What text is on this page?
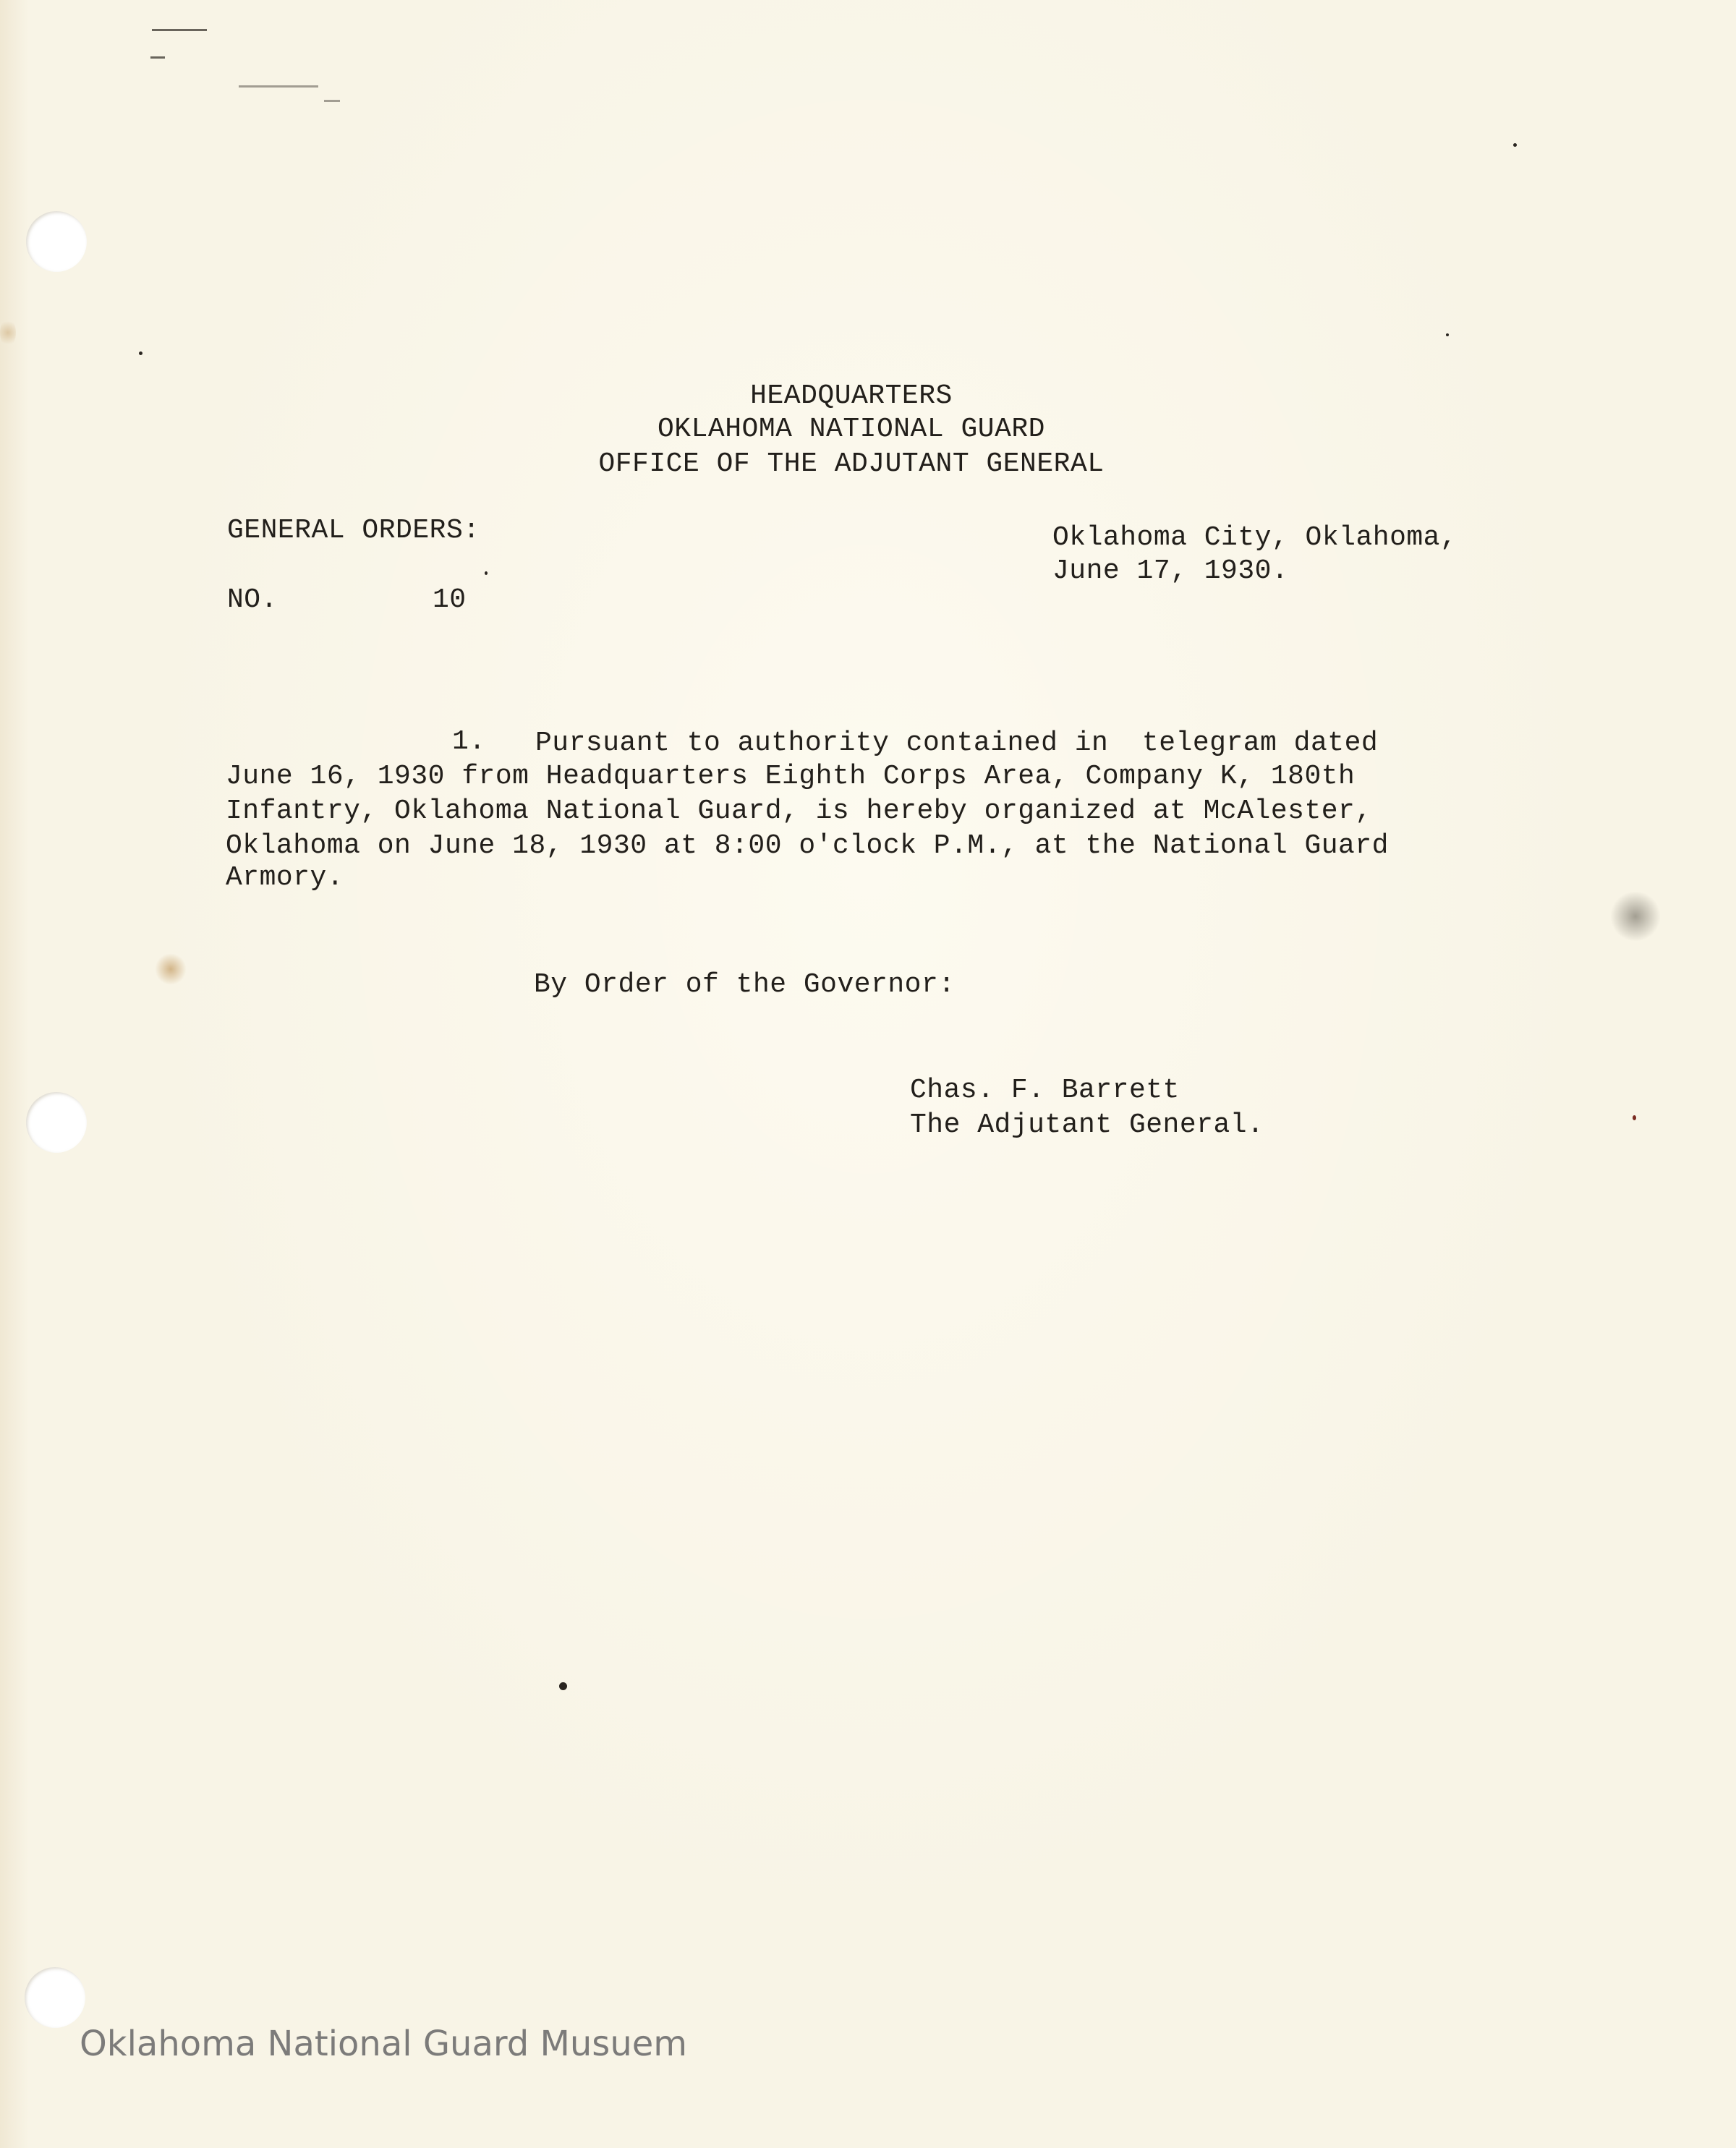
HEADQUARTERS
OKLAHOMA NATIONAL GUARD
OFFICE OF THE ADJUTANT GENERAL
GENERAL ORDERS:
NO.	10
Oklahoma City, Oklahoma,
June 17, 1930.
1. Pursuant to authority contained in  telegram dated
June 16, 1930 from Headquarters Eighth Corps Area, Company K, 180th
Infantry, Oklahoma National Guard, is hereby organized at McAlester,
Oklahoma on June 18, 1930 at 8:00 o'clock P.M., at the National Guard
Armory.
By Order of the Governor:
Chas. F. Barrett
The Adjutant General.
Oklahoma National Guard Musuem
